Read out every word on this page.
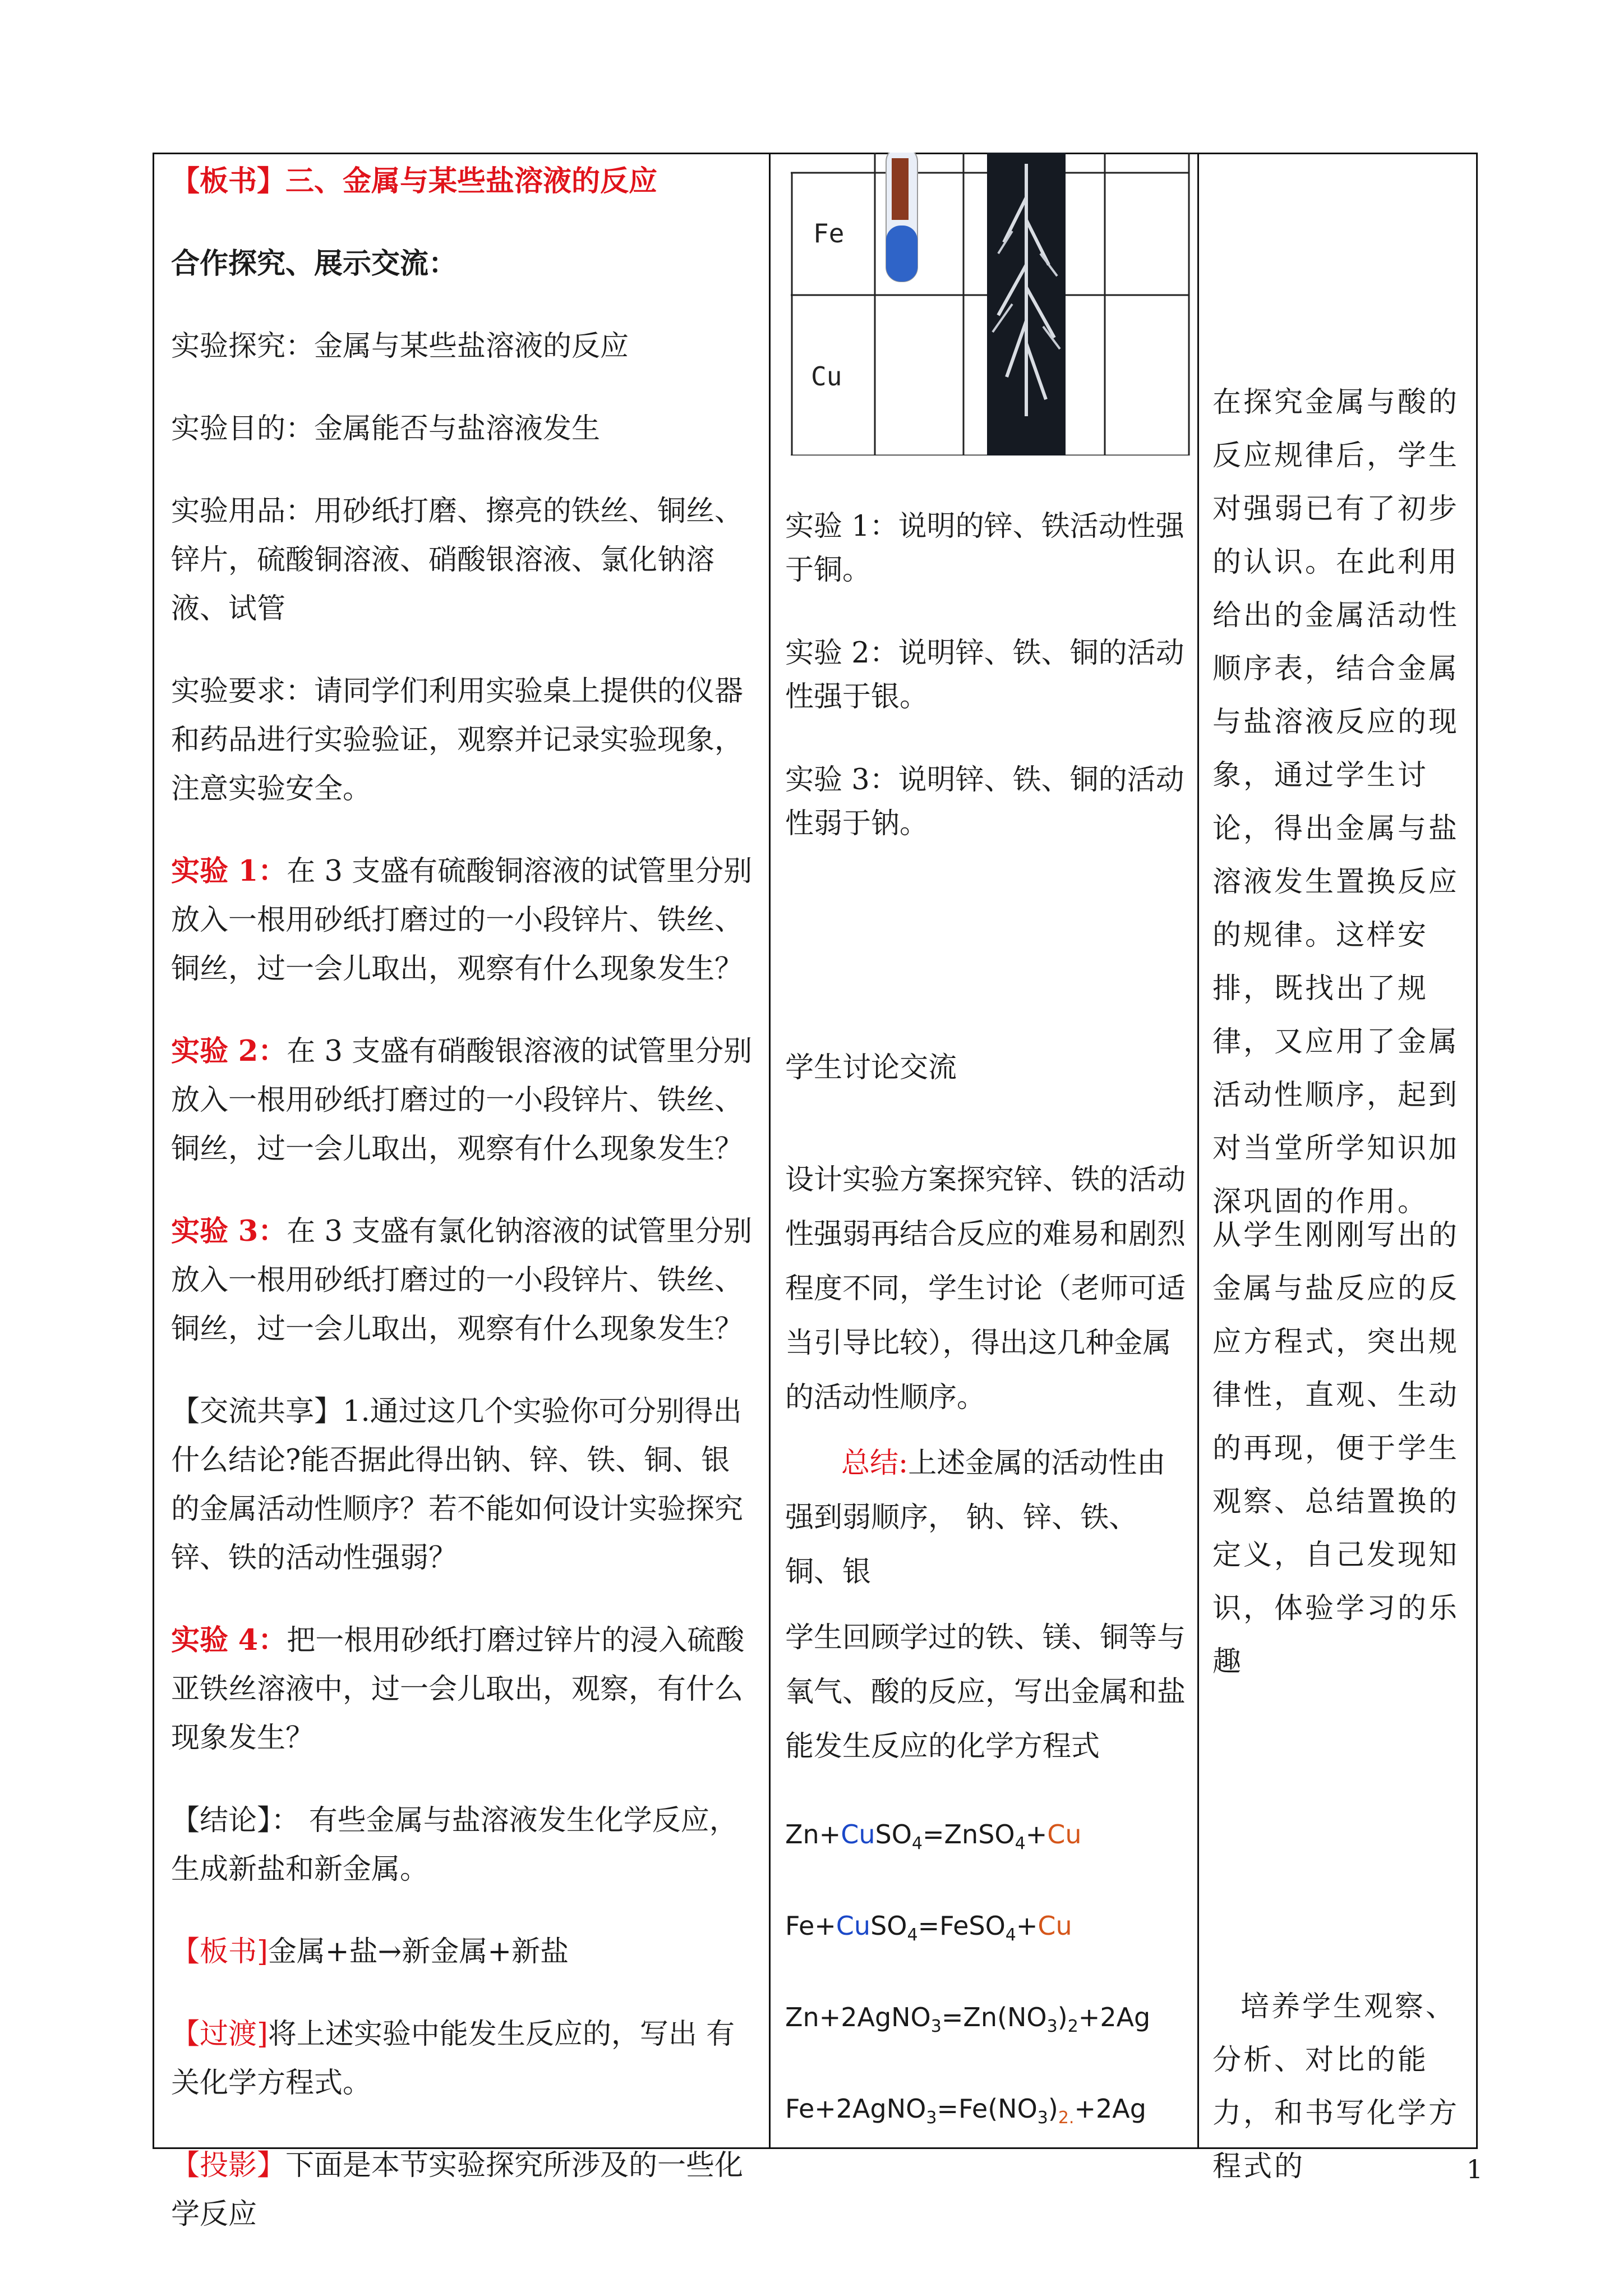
【板书】三、金属与某些盐溶液的反应

合作探究、展示交流：

实验探究：金属与某些盐溶液的反应

实验目的：金属能否与盐溶液发生

实验用品：用砂纸打磨、擦亮的铁丝、铜丝、锌片，硫酸铜溶液、硝酸银溶液、氯化钠溶液、试管

实验要求：请同学们利用实验桌上提供的仪器和药品进行实验验证，观察并记录实验现象，注意实验安全。

实验 1：在 3 支盛有硫酸铜溶液的试管里分别放入一根用砂纸打磨过的一小段锌片、铁丝、铜丝，过一会儿取出，观察有什么现象发生？

实验 2：在 3 支盛有硝酸银溶液的试管里分别放入一根用砂纸打磨过的一小段锌片、铁丝、铜丝，过一会儿取出，观察有什么现象发生？

实验 3：在 3 支盛有氯化钠溶液的试管里分别放入一根用砂纸打磨过的一小段锌片、铁丝、铜丝，过一会儿取出，观察有什么现象发生？

【交流共享】1.通过这几个实验你可分别得出什么结论?能否据此得出钠、锌、铁、铜、银的金属活动性顺序？若不能如何设计实验探究锌、铁的活动性强弱？

实验 4：把一根用砂纸打磨过锌片的浸入硫酸亚铁丝溶液中，过一会儿取出，观察，有什么现象发生？

【结论】： 有些金属与盐溶液发生化学反应，生成新盐和新金属。

【板书]金属+盐→新金属+新盐

【过渡]将上述实验中能发生反应的，写出 有关化学方程式。

【投影】下面是本节实验探究所涉及的一些化学反应

Fe
Cu

实验 1：说明的锌、铁活动性强于铜。

实验 2：说明锌、铁、铜的活动性强于银。

实验 3：说明锌、铁、铜的活动性弱于钠。

学生讨论交流

设计实验方案探究锌、铁的活动性强弱再结合反应的难易和剧烈程度不同，学生讨论（老师可适当引导比较），得出这几种金属的活动性顺序。

总结:上述金属的活动性由强到弱顺序， 钠、锌、铁、铜、银

学生回顾学过的铁、镁、铜等与氧气、酸的反应，写出金属和盐能发生反应的化学方程式

Zn+CuSO$_4$=ZnSO$_4$+Cu
Fe+CuSO$_4$=FeSO$_4$+Cu
$Zn+2AgNO_3=Zn(NO_3)_2+2Ag$
$Fe+2AgNO_3=Fe(NO_3)_{2.}+2Ag$

在探究金属与酸的反应规律后，学生对强弱已有了初步的认识。在此利用给出的金属活动性顺序表，结合金属与盐溶液反应的现象，通过学生讨论，得出金属与盐溶液发生置换反应的规律。这样安排，既找出了规律，又应用了金属活动性顺序，起到对当堂所学知识加深巩固的作用。

从学生刚刚写出的金属与盐反应的反应方程式，突出规律性，直观、生动的再现，便于学生观察、总结置换的定义，自己发现知识，体验学习的乐趣

培养学生观察、分析、对比的能力，和书写化学方程式的	1
